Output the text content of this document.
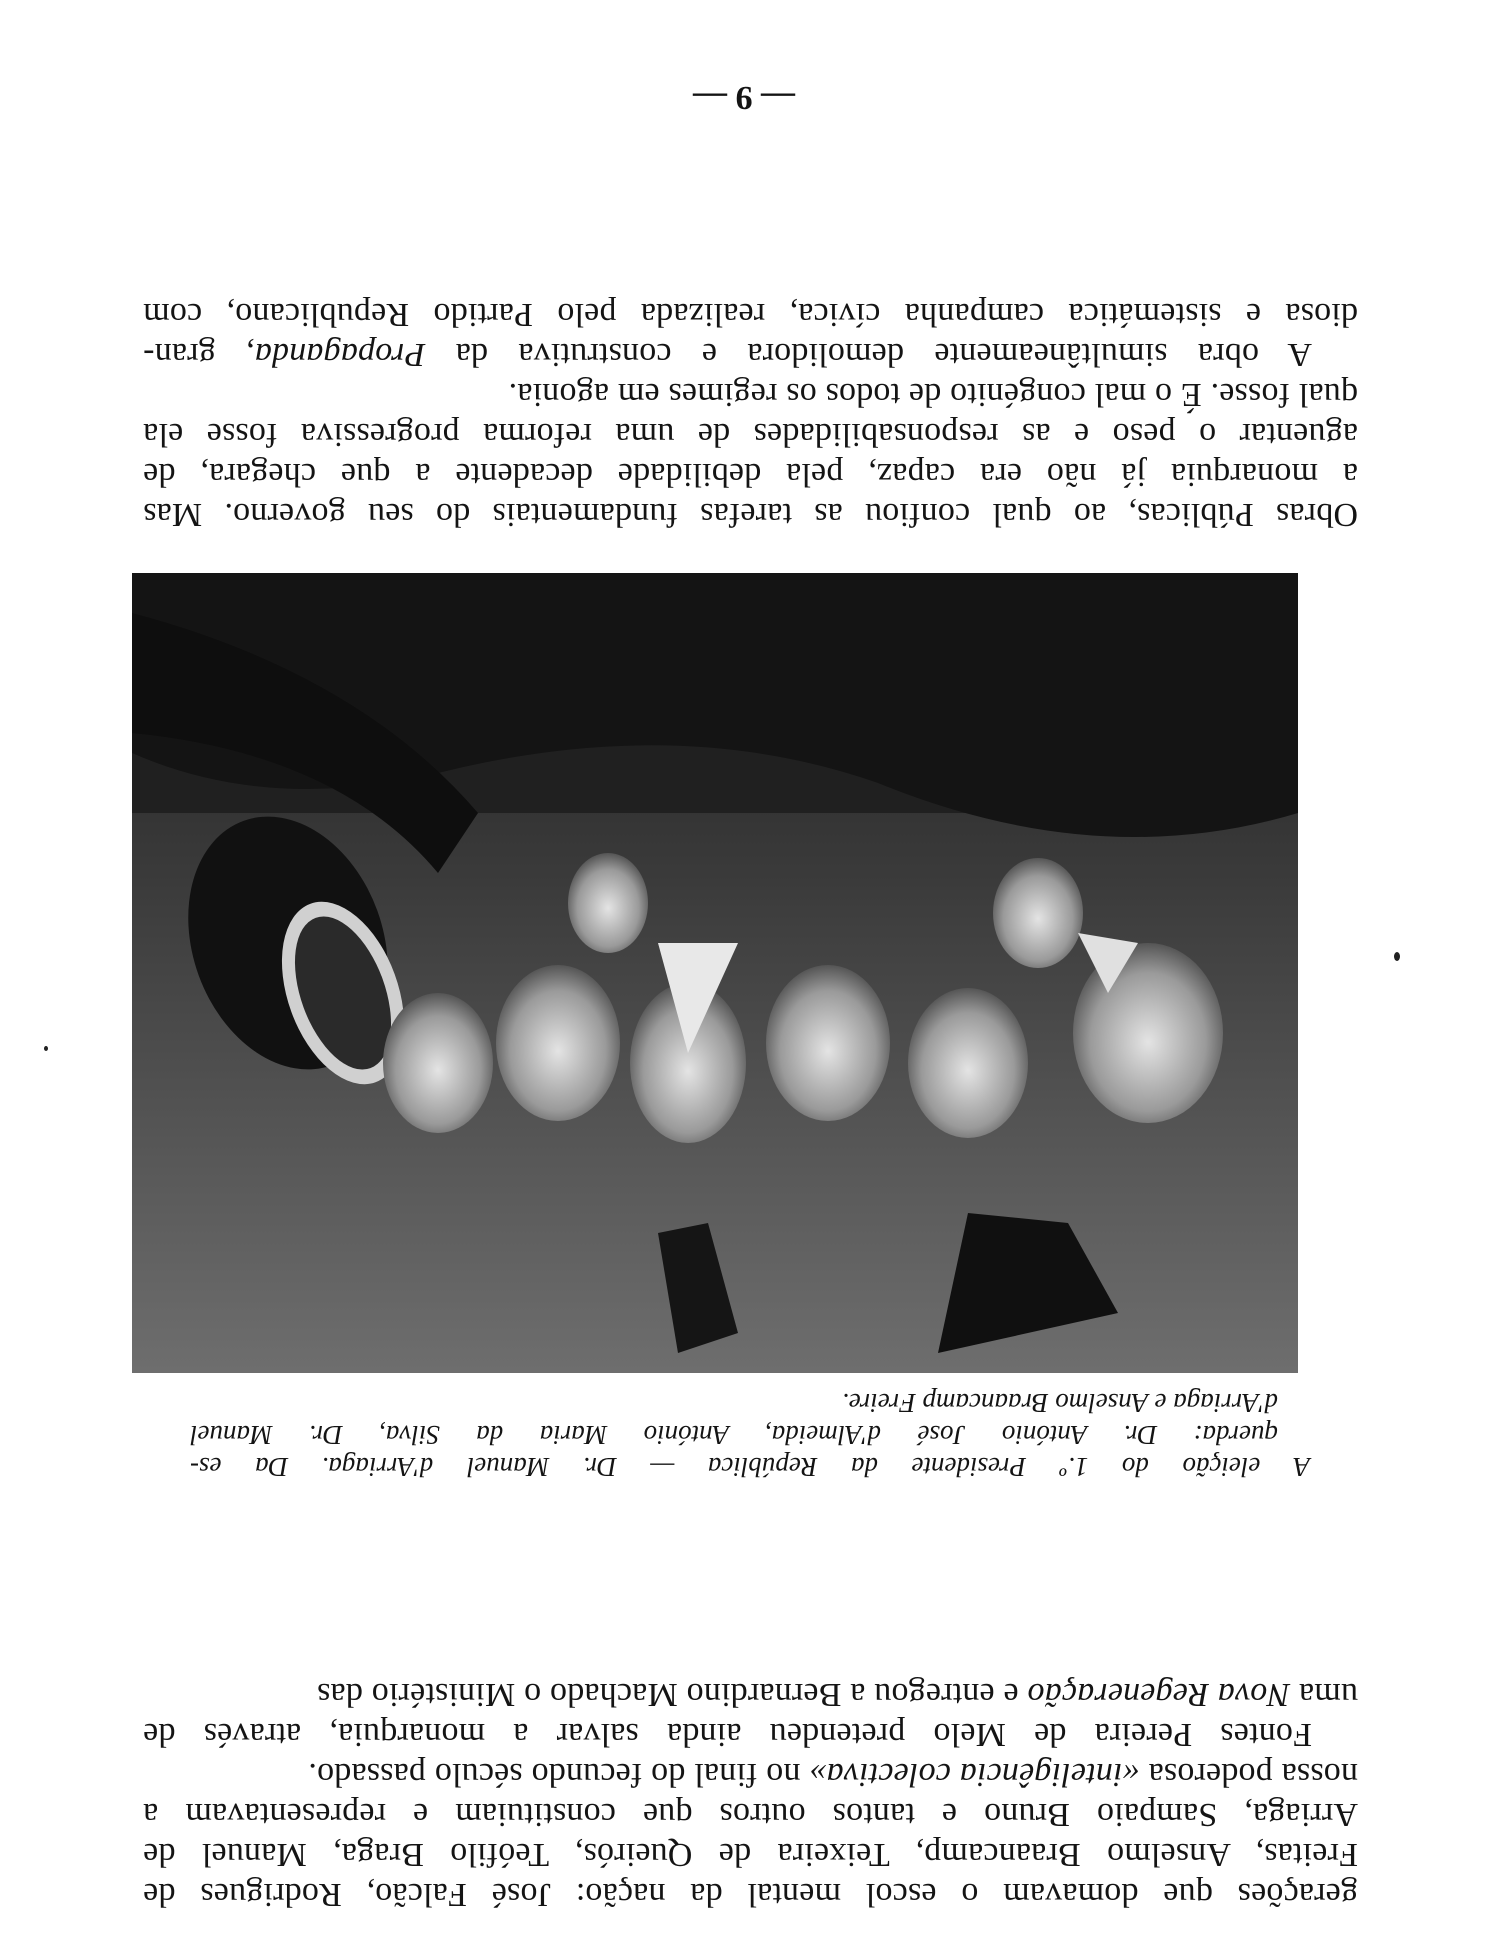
gerações que domavam o escol mental da nação: José Falcão, Rodrigues de

Freitas, Anselmo Braancamp, Teixeira de Queirós, Teófilo Braga, Manuel de

Arriaga, Sampaio Bruno e tantos outros que constituiam e representavam a

nossa poderosa «inteligência colectiva» no final do fecundo século passado.

Fontes Pereira de Melo pretendeu ainda salvar a monarquia, através de

uma Nova Regeneração e entregou a Bernardino Machado o Ministério das

A eleição do 1.º Presidente da República — Dr. Manuel d'Arriaga. Da es-
querda: Dr. António José d'Almeida, António Maria da Silva, Dr. Manuel
d'Arriaga e Anselmo Braancamp Freire.

Obras Públicas, ao qual confiou as tarefas fundamentais do seu governo. Mas

a monarquia já não era capaz, pela debilidade decadente a que chegara, de

aguentar o peso e as responsabilidades de uma reforma progressiva fosse ela

qual fosse. É o mal congénito de todos os regimes em agonia.

A obra simultâneamente demolidora e construtiva da Propaganda, gran-

diosa e sistemática campanha cívica, realizada pelo Partido Republicano, com

— 9 —
